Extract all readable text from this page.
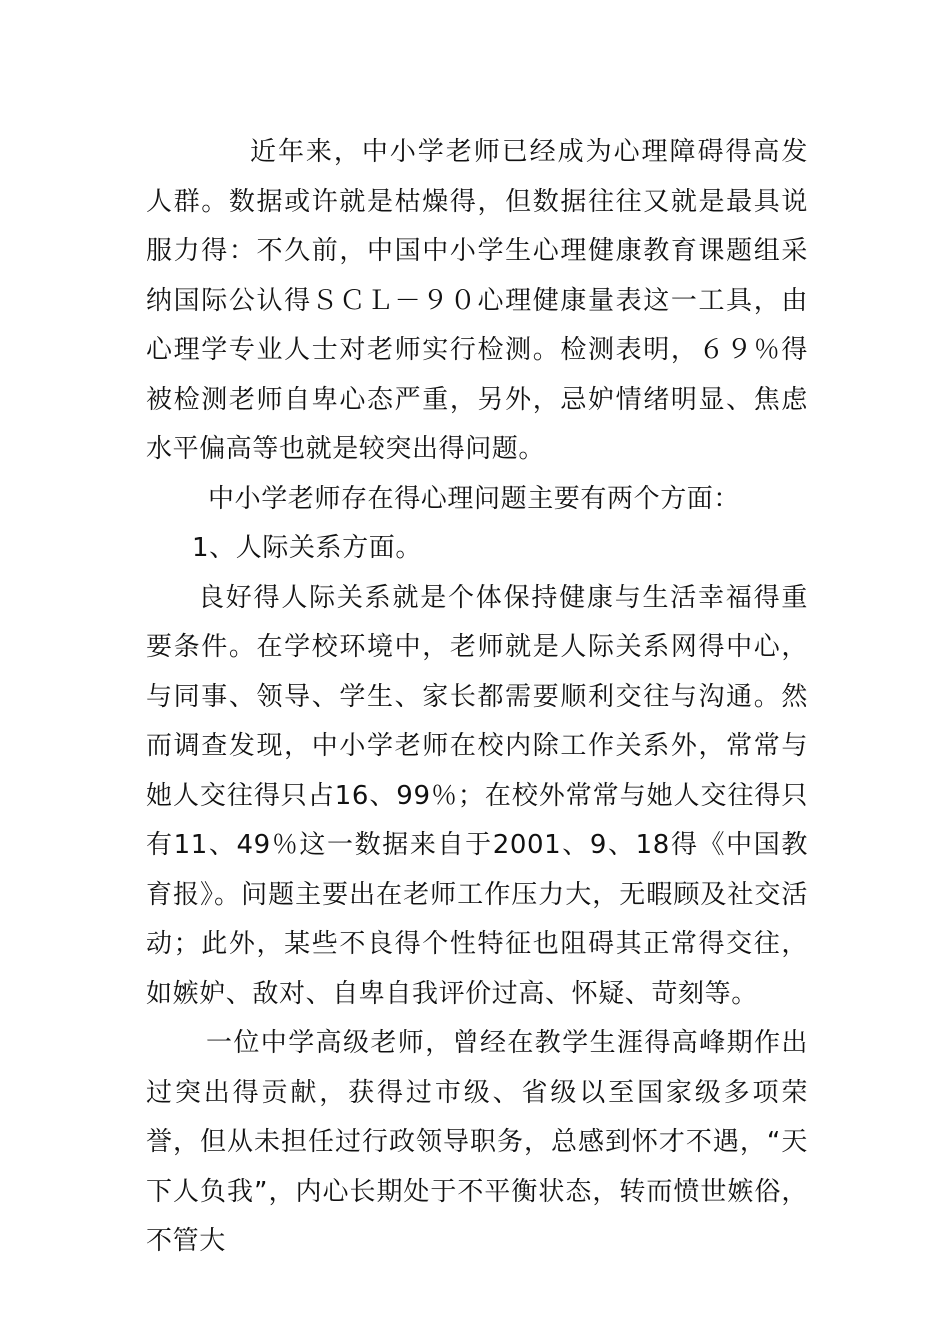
近年来，中小学老师已经成为心理障碍得高发人群。数据或许就是枯燥得，但数据往往又就是最具说服力得：不久前，中国中小学生心理健康教育课题组采纳国际公认得ＳＣＬ－９０心理健康量表这一工具，由心理学专业人士对老师实行检测。检测表明，６９％得被检测老师自卑心态严重，另外，忌妒情绪明显、焦虑水平偏高等也就是较突出得问题。

中小学老师存在得心理问题主要有两个方面：

1、人际关系方面。

良好得人际关系就是个体保持健康与生活幸福得重要条件。在学校环境中，老师就是人际关系网得中心，与同事、领导、学生、家长都需要顺利交往与沟通。然而调查发现，中小学老师在校内除工作关系外，常常与她人交往得只占16、99％；在校外常常与她人交往得只有11、49％这一数据来自于2001、9、18得《中国教育报》。问题主要出在老师工作压力大，无暇顾及社交活动；此外，某些不良得个性特征也阻碍其正常得交往，如嫉妒、敌对、自卑自我评价过高、怀疑、苛刻等。

一位中学高级老师，曾经在教学生涯得高峰期作出过突出得贡献，获得过市级、省级以至国家级多项荣誉，但从未担任过行政领导职务，总感到怀才不遇，“天下人负我”，内心长期处于不平衡状态，转而愤世嫉俗，不管大
